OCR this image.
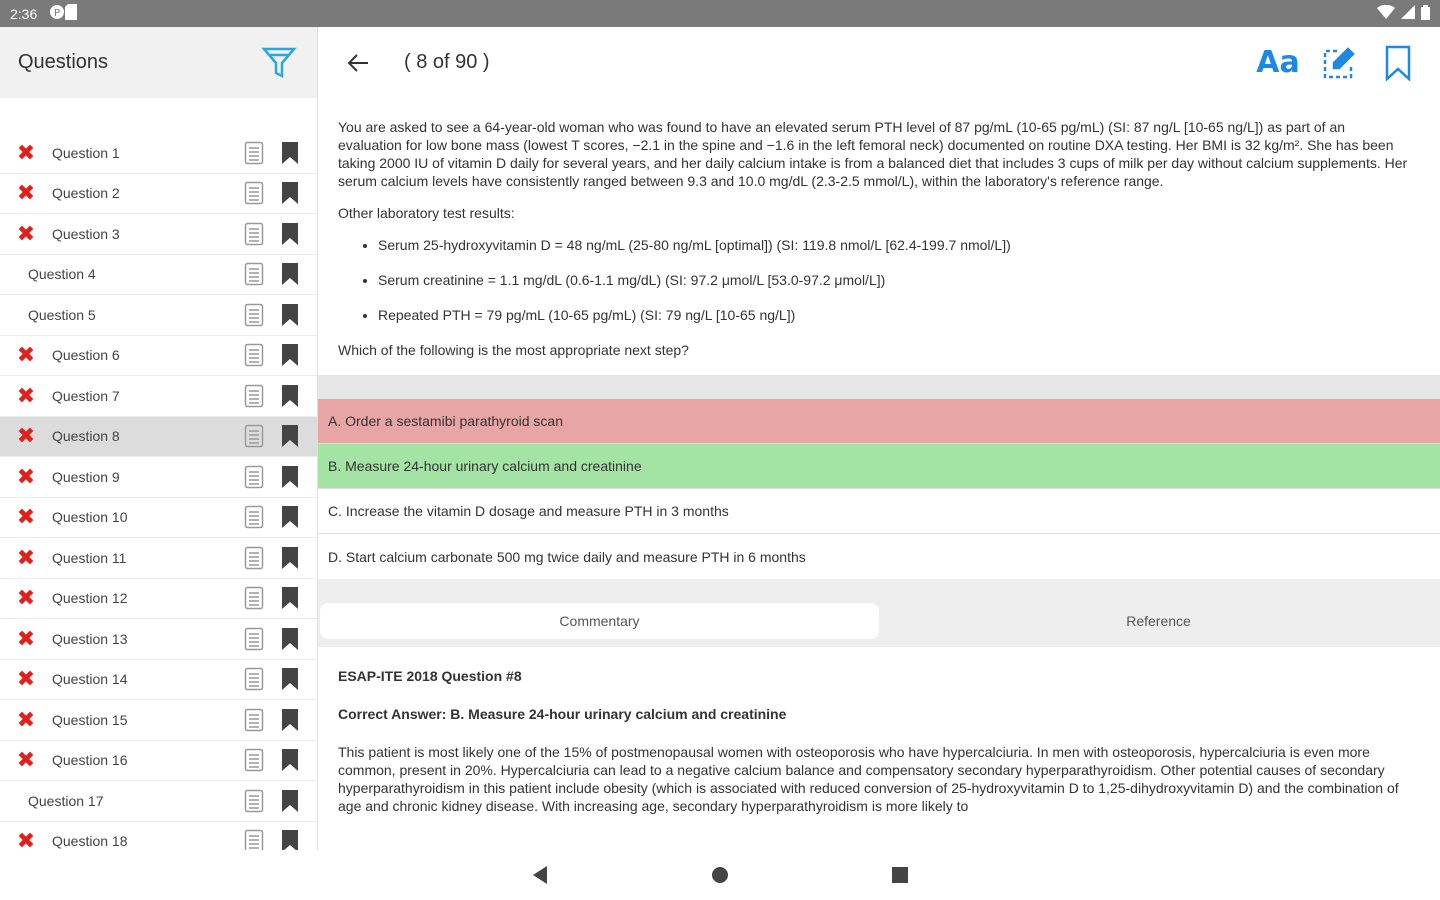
2:36 P
Questions
✖ Question 1
✖ Question 2
✖ Question 3
Question 4
Question 5
✖ Question 6
✖ Question 7
✖ Question 8
✖ Question 9
✖ Question 10
✖ Question 11
✖ Question 12
✖ Question 13
✖ Question 14
✖ Question 15
✖ Question 16
Question 17
✖ Question 18
( 8 of 90 )	Aa

You are asked to see a 64-year-old woman who was found to have an elevated serum PTH level of 87 pg/mL (10-65 pg/mL) (SI: 87 ng/L [10-65 ng/L]) as part of an evaluation for low bone mass (lowest T scores, −2.1 in the spine and −1.6 in the left femoral neck) documented on routine DXA testing. Her BMI is 32 kg/m². She has been taking 2000 IU of vitamin D daily for several years, and her daily calcium intake is from a balanced diet that includes 3 cups of milk per day without calcium supplements. Her serum calcium levels have consistently ranged between 9.3 and 10.0 mg/dL (2.3-2.5 mmol/L), within the laboratory's reference range.

Other laboratory test results:

• Serum 25-hydroxyvitamin D = 48 ng/mL (25-80 ng/mL [optimal]) (SI: 119.8 nmol/L [62.4-199.7 nmol/L])
• Serum creatinine = 1.1 mg/dL (0.6-1.1 mg/dL) (SI: 97.2 μmol/L [53.0-97.2 μmol/L])
• Repeated PTH = 79 pg/mL (10-65 pg/mL) (SI: 79 ng/L [10-65 ng/L])

Which of the following is the most appropriate next step?

A. Order a sestamibi parathyroid scan
B. Measure 24-hour urinary calcium and creatinine
C. Increase the vitamin D dosage and measure PTH in 3 months
D. Start calcium carbonate 500 mg twice daily and measure PTH in 6 months
Commentary	Reference

ESAP-ITE 2018 Question #8

Correct Answer: B. Measure 24-hour urinary calcium and creatinine

This patient is most likely one of the 15% of postmenopausal women with osteoporosis who have hypercalciuria. In men with osteoporosis, hypercalciuria is even more common, present in 20%. Hypercalciuria can lead to a negative calcium balance and compensatory secondary hyperparathyroidism. Other potential causes of secondary hyperparathyroidism in this patient include obesity (which is associated with reduced conversion of 25-hydroxyvitamin D to 1,25-dihydroxyvitamin D) and the combination of age and chronic kidney disease. With increasing age, secondary hyperparathyroidism is more likely to
